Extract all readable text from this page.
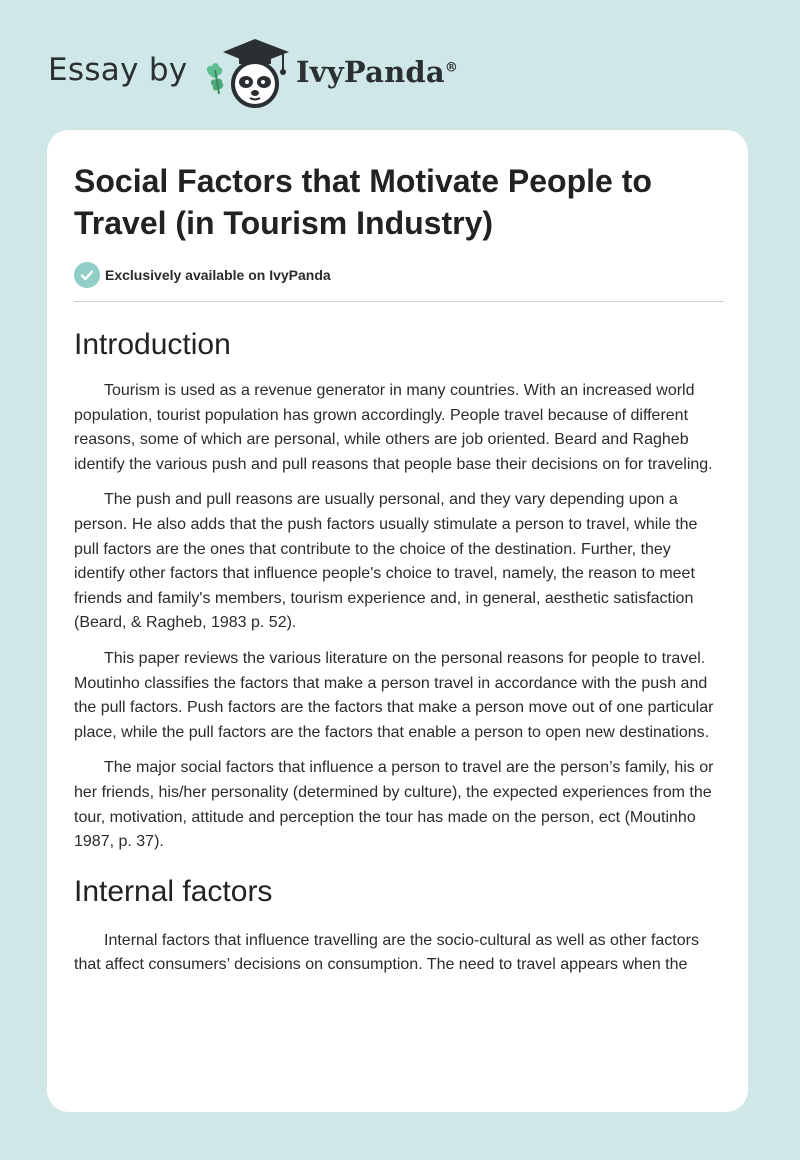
Essay by	IvyPanda®
Social Factors that Motivate People to Travel (in Tourism Industry)
Exclusively available on IvyPanda
Introduction

Tourism is used as a revenue generator in many countries. With an increased world population, tourist population has grown accordingly. People travel because of different reasons, some of which are personal, while others are job oriented. Beard and Ragheb identify the various push and pull reasons that people base their decisions on for traveling.

The push and pull reasons are usually personal, and they vary depending upon a person. He also adds that the push factors usually stimulate a person to travel, while the pull factors are the ones that contribute to the choice of the destination. Further, they identify other factors that influence people's choice to travel, namely, the reason to meet friends and family's members, tourism experience and, in general, aesthetic satisfaction (Beard, & Ragheb, 1983 p. 52).

This paper reviews the various literature on the personal reasons for people to travel. Moutinho classifies the factors that make a person travel in accordance with the push and the pull factors. Push factors are the factors that make a person move out of one particular place, while the pull factors are the factors that enable a person to open new destinations.

The major social factors that influence a person to travel are the person’s family, his or her friends, his/her personality (determined by culture), the expected experiences from the tour, motivation, attitude and perception the tour has made on the person, ect (Moutinho 1987, p. 37).

Internal factors

Internal factors that influence travelling are the socio-cultural as well as other factors that affect consumers’ decisions on consumption. The need to travel appears when the
